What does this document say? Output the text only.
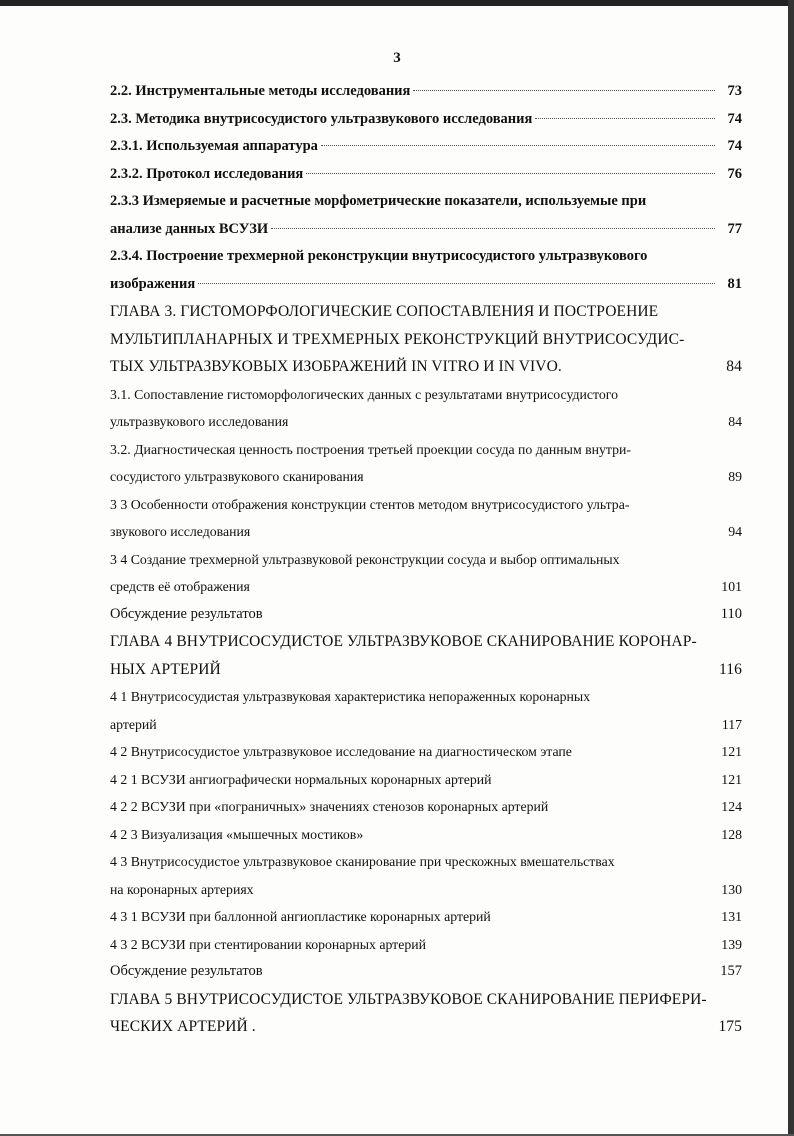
3
2.2. Инструментальные методы исследования	73
2.3. Методика внутрисосудистого ультразвукового исследования	74
2.3.1. Используемая аппаратура	74
2.3.2. Протокол исследования	76
2.3.3 Измеряемые и расчетные морфометрические показатели, используемые при
анализе данных ВСУЗИ	77
2.3.4. Построение трехмерной реконструкции внутрисосудистого ультразвукового
изображения	81
ГЛАВА 3. ГИСТОМОРФОЛОГИЧЕСКИЕ СОПОСТАВЛЕНИЯ И ПОСТРОЕНИЕ
МУЛЬТИПЛАНАРНЫХ И ТРЕХМЕРНЫХ РЕКОНСТРУКЦИЙ ВНУТРИСОСУДИС-
ТЫХ УЛЬТРАЗВУКОВЫХ ИЗОБРАЖЕНИЙ IN VITRO И IN VIVO.	84
3.1. Сопоставление гистоморфологических данных с результатами внутрисосудистого
ультразвукового исследования	84
3.2. Диагностическая ценность построения третьей проекции сосуда по данным внутри-
сосудистого ультразвукового сканирования	89
3 3 Особенности отображения конструкции стентов методом внутрисосудистого ультра-
звукового исследования	94
3 4 Создание трехмерной ультразвуковой реконструкции сосуда и выбор оптимальных
средств её отображения	101
Обсуждение результатов	110
ГЛАВА 4 ВНУТРИСОСУДИСТОЕ УЛЬТРАЗВУКОВОЕ СКАНИРОВАНИЕ КОРОНАР-
НЫХ АРТЕРИЙ	116
4 1 Внутрисосудистая ультразвуковая характеристика непораженных коронарных
артерий	117
4 2 Внутрисосудистое ультразвуковое исследование на диагностическом этапе	121
4 2 1 ВСУЗИ ангиографически нормальных коронарных артерий	121
4 2 2 ВСУЗИ при «пограничных» значениях стенозов коронарных артерий	124
4 2 3 Визуализация «мышечных мостиков»	128
4 3 Внутрисосудистое ультразвуковое сканирование при чрескожных вмешательствах
на коронарных артериях	130
4 3 1 ВСУЗИ при баллонной ангиопластике коронарных артерий	131
4 3 2 ВСУЗИ при стентировании коронарных артерий	139
Обсуждение результатов	157
ГЛАВА 5 ВНУТРИСОСУДИСТОЕ УЛЬТРАЗВУКОВОЕ СКАНИРОВАНИЕ ПЕРИФЕРИ-
ЧЕСКИХ АРТЕРИЙ .	175
